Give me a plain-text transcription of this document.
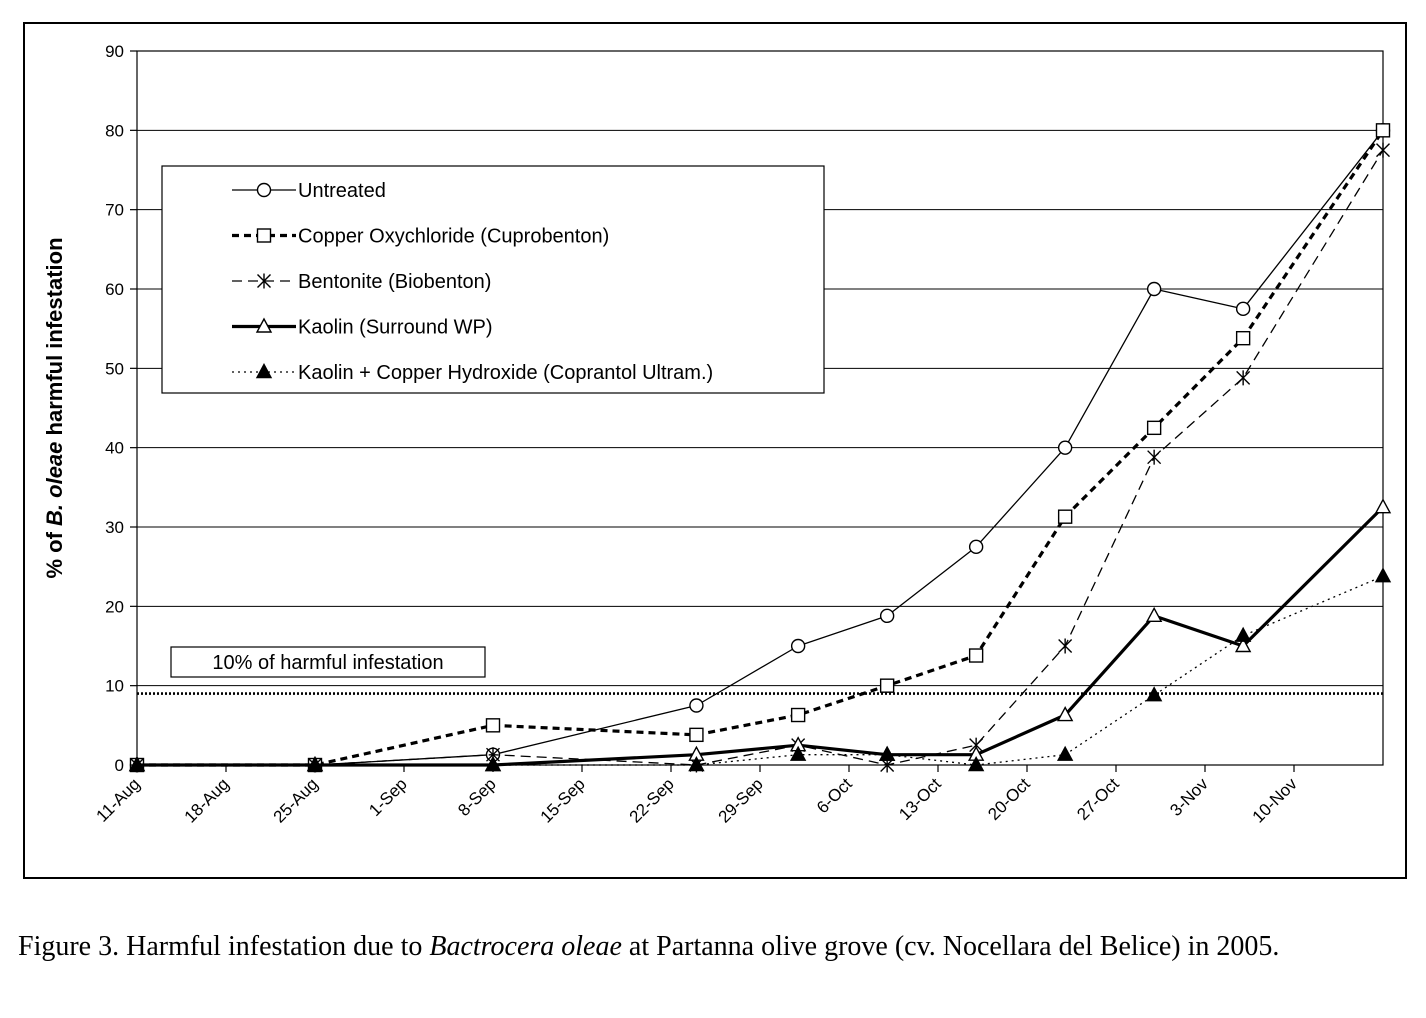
10% of harmful infestation
0
10
20
30
40
50
60
70
80
90
11-Aug 18-Aug 25-Aug	1-Sep	8-Sep 15-Sep 22-Sep 29-Sep	6-Oct 13-Oct 20-Oct 27-Oct	3-Nov 10-Nov
% of B. oleae harmful infestation
Untreated
Copper Oxychloride (Cuprobenton)
Bentonite (Biobenton)
Kaolin (Surround WP)
Kaolin + Copper Hydroxide (Coprantol Ultram.)
Figure 3. Harmful infestation due to Bactrocera oleae at Partanna olive grove (cv. Nocellara del Belice) in 2005.
